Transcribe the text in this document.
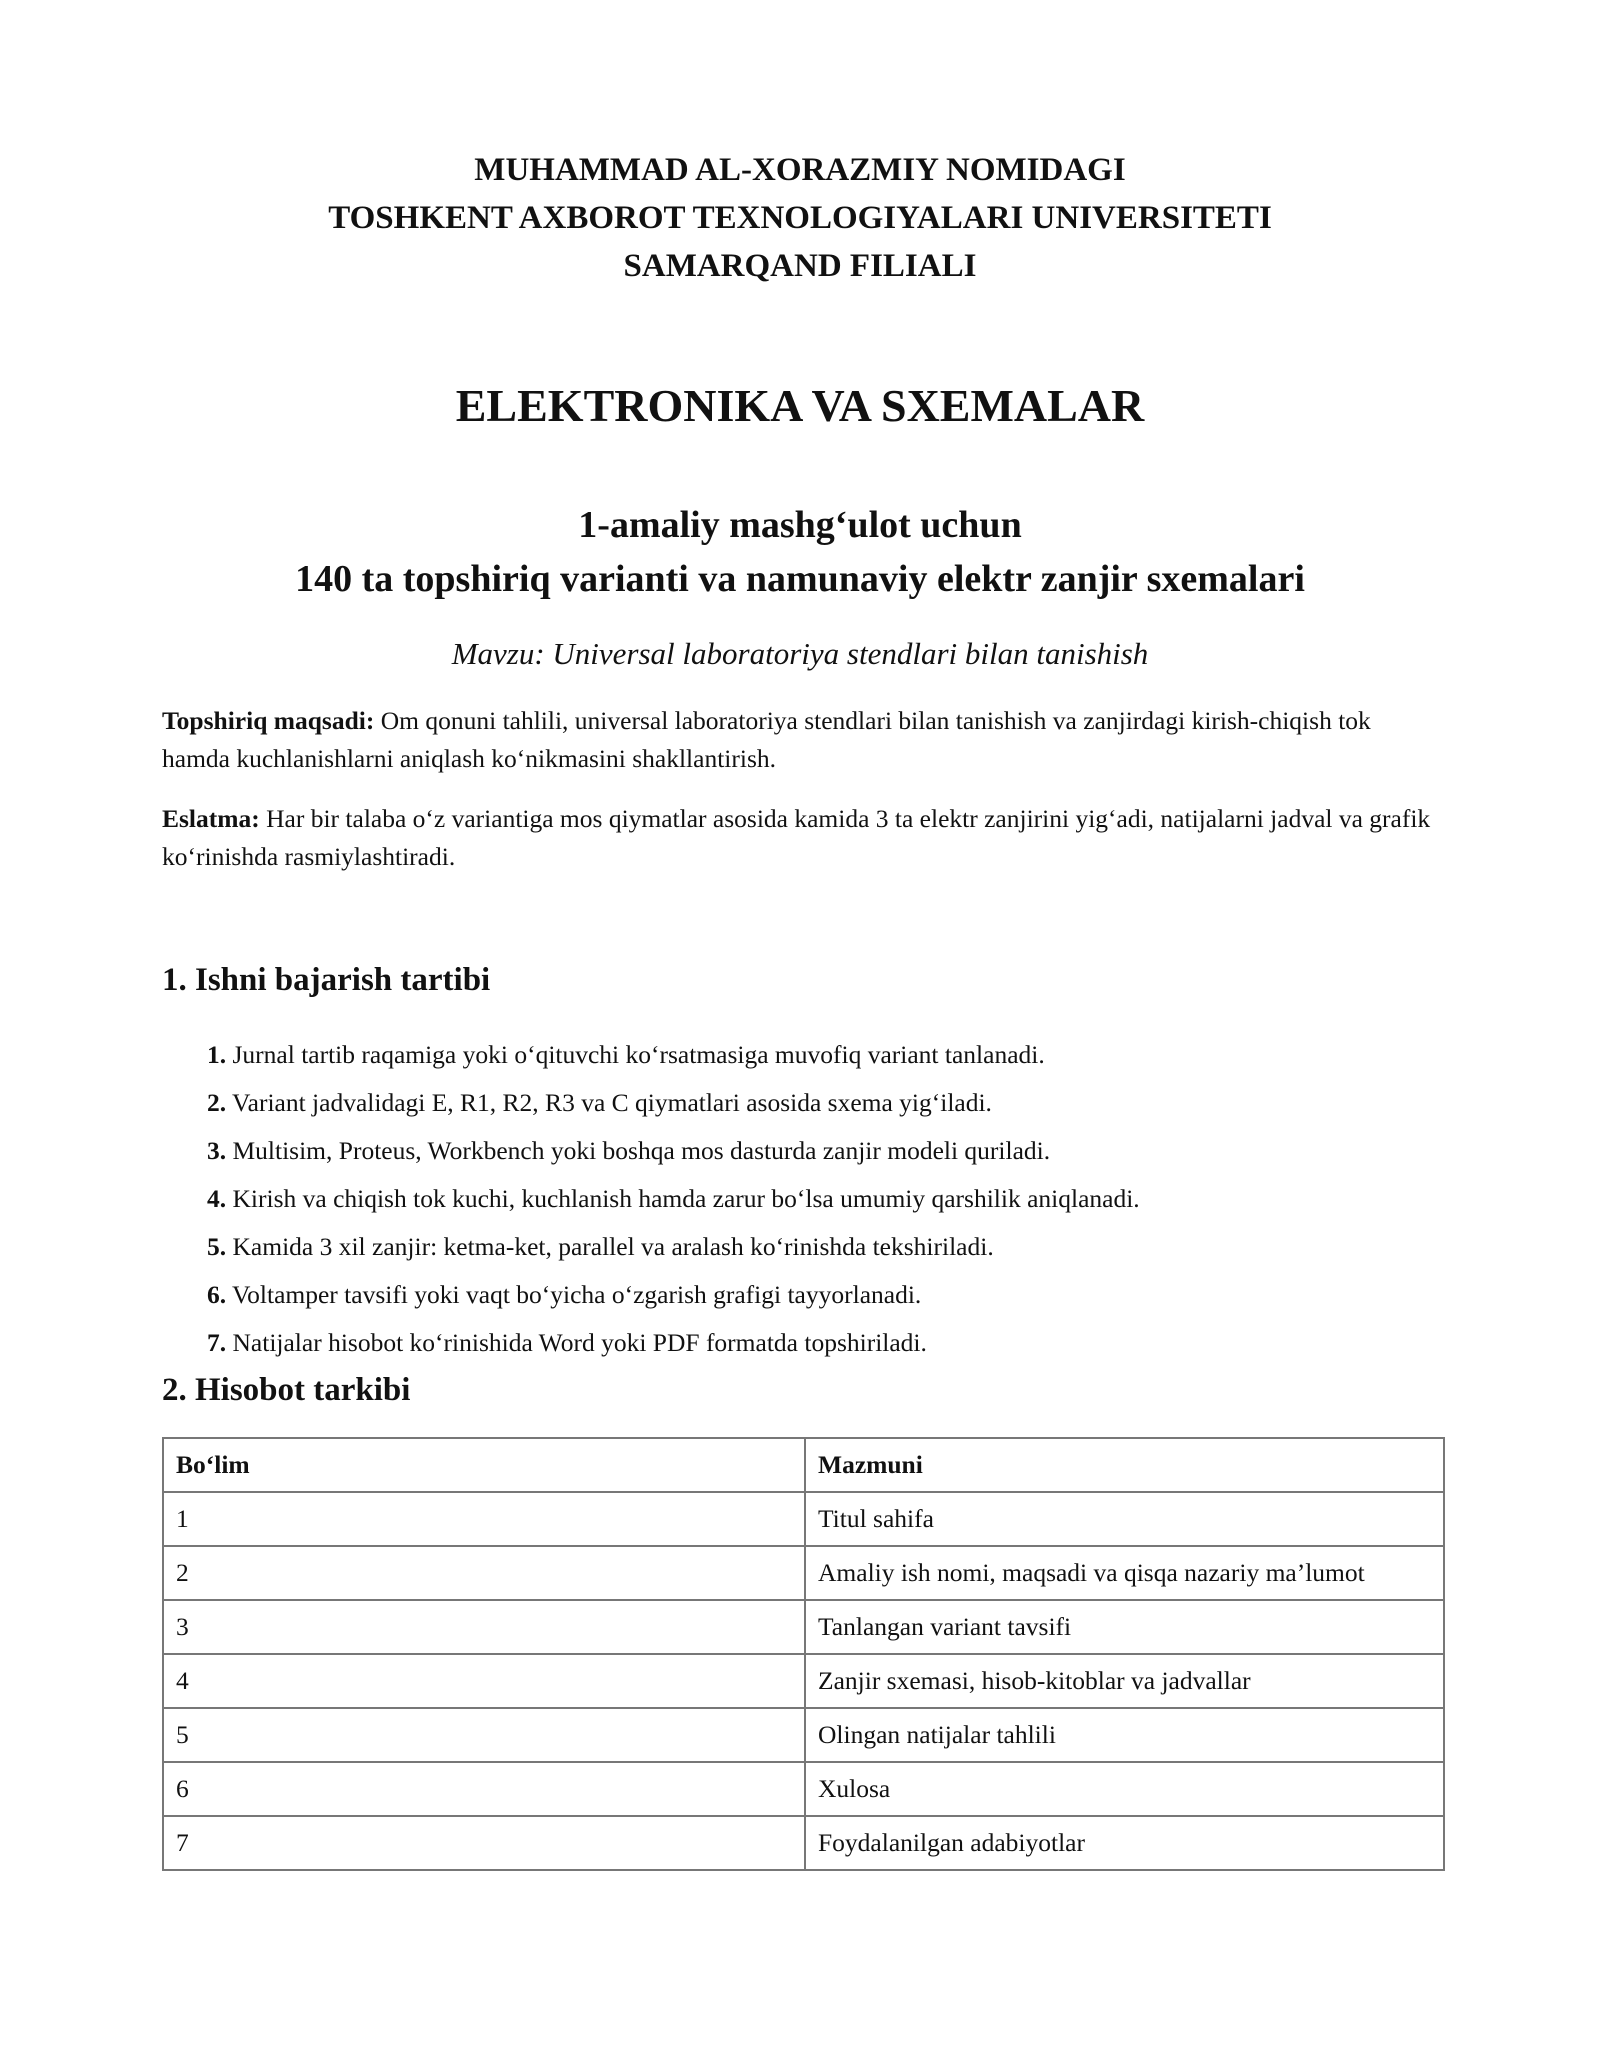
MUHAMMAD AL-XORAZMIY NOMIDAGI
TOSHKENT AXBOROT TEXNOLOGIYALARI UNIVERSITETI
SAMARQAND FILIALI
ELEKTRONIKA VA SXEMALAR
1-amaliy mashg‘ulot uchun
140 ta topshiriq varianti va namunaviy elektr zanjir sxemalari
Mavzu: Universal laboratoriya stendlari bilan tanishish
Topshiriq maqsadi: Om qonuni tahlili, universal laboratoriya stendlari bilan tanishish va zanjirdagi kirish-chiqish tok hamda kuchlanishlarni aniqlash ko‘nikmasini shakllantirish.
Eslatma: Har bir talaba o‘z variantiga mos qiymatlar asosida kamida 3 ta elektr zanjirini yig‘adi, natijalarni jadval va grafik ko‘rinishda rasmiylashtiradi.
1. Ishni bajarish tartibi
1. Jurnal tartib raqamiga yoki o‘qituvchi ko‘rsatmasiga muvofiq variant tanlanadi.
2. Variant jadvalidagi E, R1, R2, R3 va C qiymatlari asosida sxema yig‘iladi.
3. Multisim, Proteus, Workbench yoki boshqa mos dasturda zanjir modeli quriladi.
4. Kirish va chiqish tok kuchi, kuchlanish hamda zarur bo‘lsa umumiy qarshilik aniqlanadi.
5. Kamida 3 xil zanjir: ketma-ket, parallel va aralash ko‘rinishda tekshiriladi.
6. Voltamper tavsifi yoki vaqt bo‘yicha o‘zgarish grafigi tayyorlanadi.
7. Natijalar hisobot ko‘rinishida Word yoki PDF formatda topshiriladi.
2. Hisobot tarkibi
Bo‘lim	Mazmuni
1	Titul sahifa
2	Amaliy ish nomi, maqsadi va qisqa nazariy ma’lumot
3	Tanlangan variant tavsifi
4	Zanjir sxemasi, hisob-kitoblar va jadvallar
5	Olingan natijalar tahlili
6	Xulosa
7	Foydalanilgan adabiyotlar
